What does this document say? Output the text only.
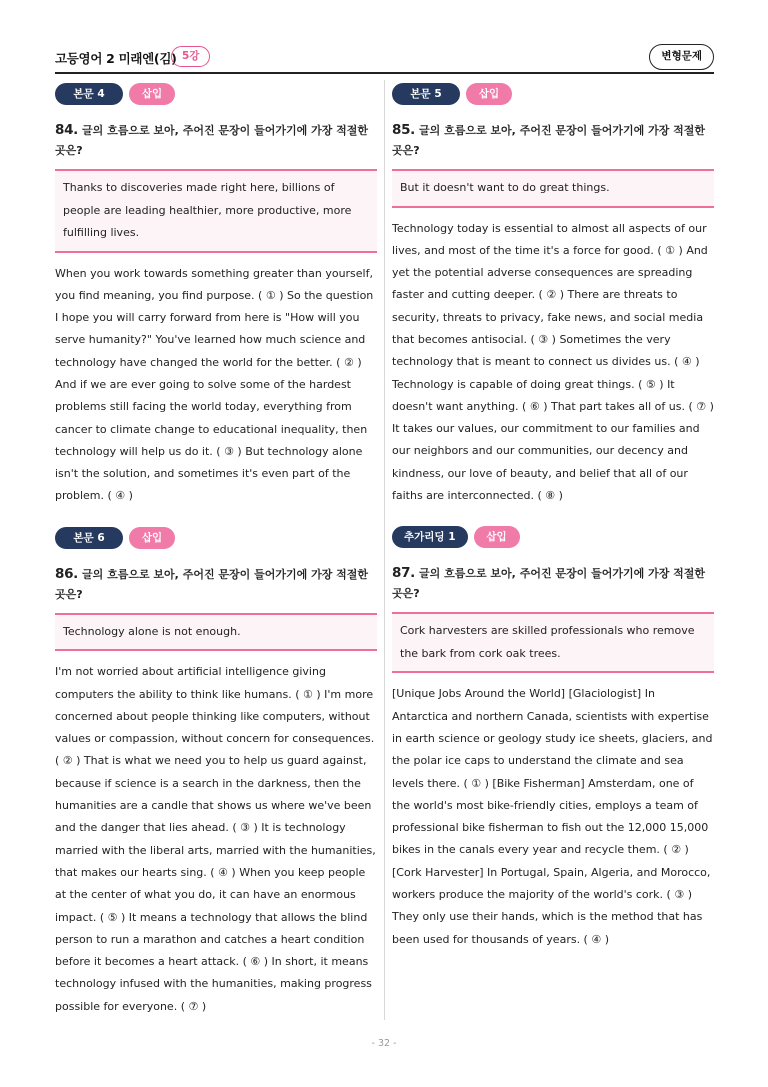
고등영어 2 미래엔(김) 5강	변형문제
본문 4	삽입
84. 글의 흐름으로 보아, 주어진 문장이 들어가기에 가장 적절한 곳은?
Thanks to discoveries made right here, billions of people are leading healthier, more productive, more fulfilling lives.
When you work towards something greater than yourself, you find meaning, you find purpose. ( ① ) So the question I hope you will carry forward from here is "How will you serve humanity?" You've learned how much science and technology have changed the world for the better. ( ② ) And if we are ever going to solve some of the hardest problems still facing the world today, everything from cancer to climate change to educational inequality, then technology will help us do it. ( ③ ) But technology alone isn't the solution, and sometimes it's even part of the problem. ( ④ )
본문 6	삽입
86. 글의 흐름으로 보아, 주어진 문장이 들어가기에 가장 적절한 곳은?
Technology alone is not enough.
I'm not worried about artificial intelligence giving computers the ability to think like humans. ( ① ) I'm more concerned about people thinking like computers, without values or compassion, without concern for consequences. ( ② ) That is what we need you to help us guard against, because if science is a search in the darkness, then the humanities are a candle that shows us where we've been and the danger that lies ahead. ( ③ ) It is technology married with the liberal arts, married with the humanities, that makes our hearts sing. ( ④ ) When you keep people at the center of what you do, it can have an enormous impact. ( ⑤ ) It means a technology that allows the blind person to run a marathon and catches a heart condition before it becomes a heart attack. ( ⑥ ) In short, it means technology infused with the humanities, making progress possible for everyone. ( ⑦ )
본문 5	삽입
85. 글의 흐름으로 보아, 주어진 문장이 들어가기에 가장 적절한 곳은?
But it doesn't want to do great things.
Technology today is essential to almost all aspects of our lives, and most of the time it's a force for good. ( ① ) And yet the potential adverse consequences are spreading faster and cutting deeper. ( ② ) There are threats to security, threats to privacy, fake news, and social media that becomes antisocial. ( ③ ) Sometimes the very technology that is meant to connect us divides us. ( ④ ) Technology is capable of doing great things. ( ⑤ ) It doesn't want anything. ( ⑥ ) That part takes all of us. ( ⑦ ) It takes our values, our commitment to our families and our neighbors and our communities, our decency and kindness, our love of beauty, and belief that all of our faiths are interconnected. ( ⑧ )
추가리딩 1	삽입
87. 글의 흐름으로 보아, 주어진 문장이 들어가기에 가장 적절한 곳은?
Cork harvesters are skilled professionals who remove the bark from cork oak trees.
[Unique Jobs Around the World] [Glaciologist] In Antarctica and northern Canada, scientists with expertise in earth science or geology study ice sheets, glaciers, and the polar ice caps to understand the climate and sea levels there. ( ① ) [Bike Fisherman] Amsterdam, one of the world's most bike-friendly cities, employs a team of professional bike fisherman to fish out the 12,000 15,000 bikes in the canals every year and recycle them. ( ② ) [Cork Harvester] In Portugal, Spain, Algeria, and Morocco, workers produce the majority of the world's cork. ( ③ ) They only use their hands, which is the method that has been used for thousands of years. ( ④ )
- 32 -
